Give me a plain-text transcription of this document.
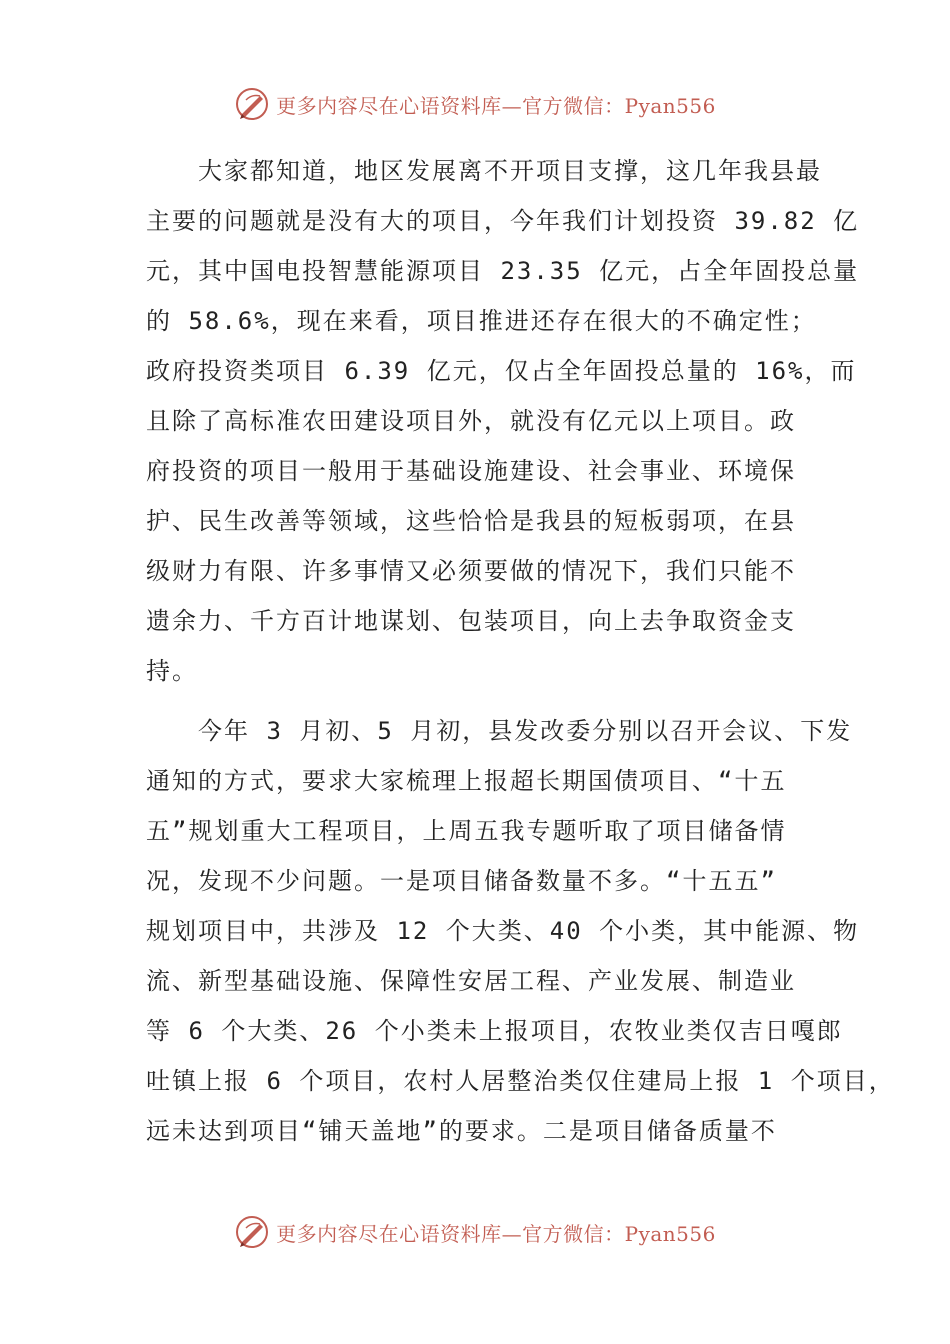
更多内容尽在心语资料库—官方微信：Pyan556
　　大家都知道，地区发展离不开项目支撑，这几年我县最
主要的问题就是没有大的项目，今年我们计划投资 39.82 亿
元，其中国电投智慧能源项目 23.35 亿元，占全年固投总量
的 58.6%，现在来看，项目推进还存在很大的不确定性；
政府投资类项目 6.39 亿元，仅占全年固投总量的 16%，而
且除了高标准农田建设项目外，就没有亿元以上项目。政
府投资的项目一般用于基础设施建设、社会事业、环境保
护、民生改善等领域，这些恰恰是我县的短板弱项，在县
级财力有限、许多事情又必须要做的情况下，我们只能不
遗余力、千方百计地谋划、包装项目，向上去争取资金支
持。
　　今年 3 月初、5 月初，县发改委分别以召开会议、下发
通知的方式，要求大家梳理上报超长期国债项目、“十五
五”规划重大工程项目，上周五我专题听取了项目储备情
况，发现不少问题。一是项目储备数量不多。“十五五”
规划项目中，共涉及 12 个大类、40 个小类，其中能源、物
流、新型基础设施、保障性安居工程、产业发展、制造业
等 6 个大类、26 个小类未上报项目，农牧业类仅吉日嘎郎
吐镇上报 6 个项目，农村人居整治类仅住建局上报 1 个项目，
远未达到项目“铺天盖地”的要求。二是项目储备质量不
更多内容尽在心语资料库—官方微信：Pyan556
